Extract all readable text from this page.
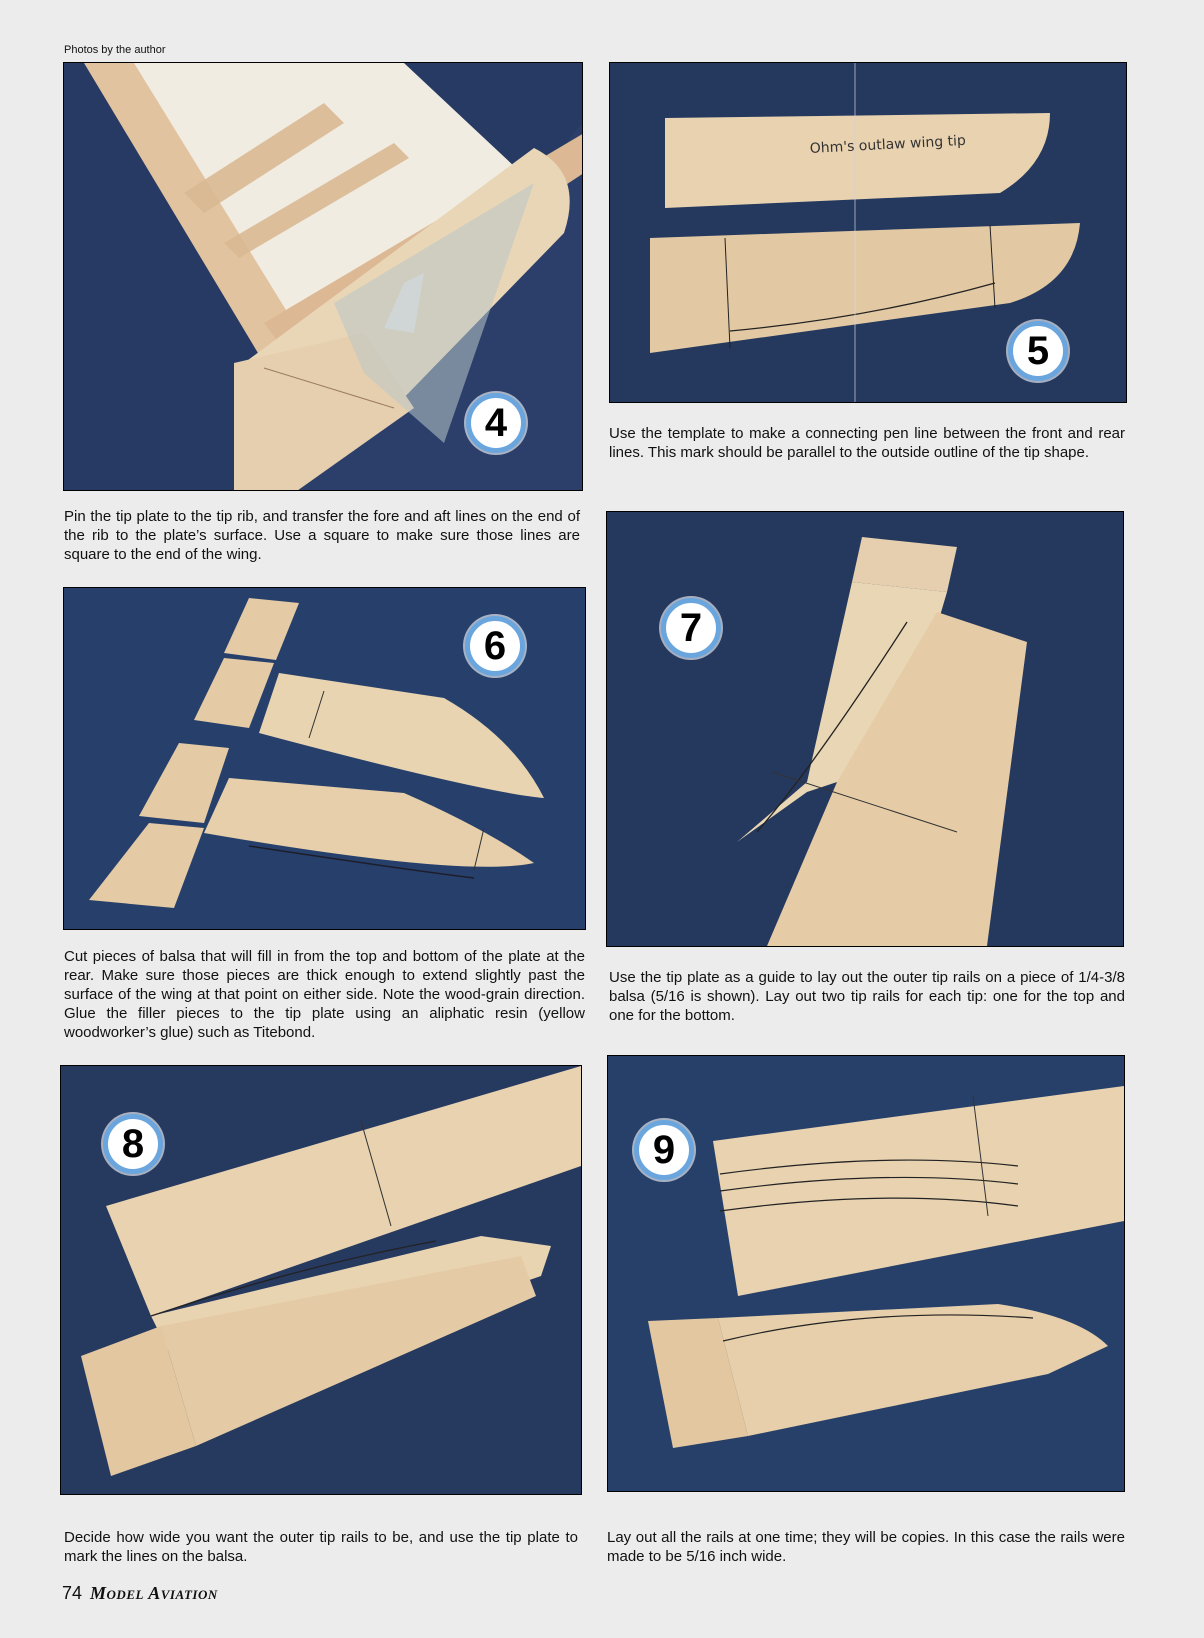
Photos by the author
4
Ohm's outlaw wing tip
5
Pin the tip plate to the tip rib, and transfer the fore and aft lines on the end of the rib to the plate’s surface. Use a square to make sure those lines are square to the end of the wing.
Use the template to make a connecting pen line between the front and rear lines. This mark should be parallel to the outside outline of the tip shape.
6	7
Cut pieces of balsa that will fill in from the top and bottom of the plate at the rear. Make sure those pieces are thick enough to extend slightly past the surface of the wing at that point on either side. Note the wood-grain direction. Glue the filler pieces to the tip plate using an aliphatic resin (yellow woodworker’s glue) such as Titebond.
Use the tip plate as a guide to lay out the outer tip rails on a piece of 1/4-3/8 balsa (5/16 is shown). Lay out two tip rails for each tip: one for the top and one for the bottom.
8	9
Decide how wide you want the outer tip rails to be, and use the tip plate to mark the lines on the balsa.
Lay out all the rails at one time; they will be copies. In this case the rails were made to be 5/16 inch wide.
74 Model Aviation
